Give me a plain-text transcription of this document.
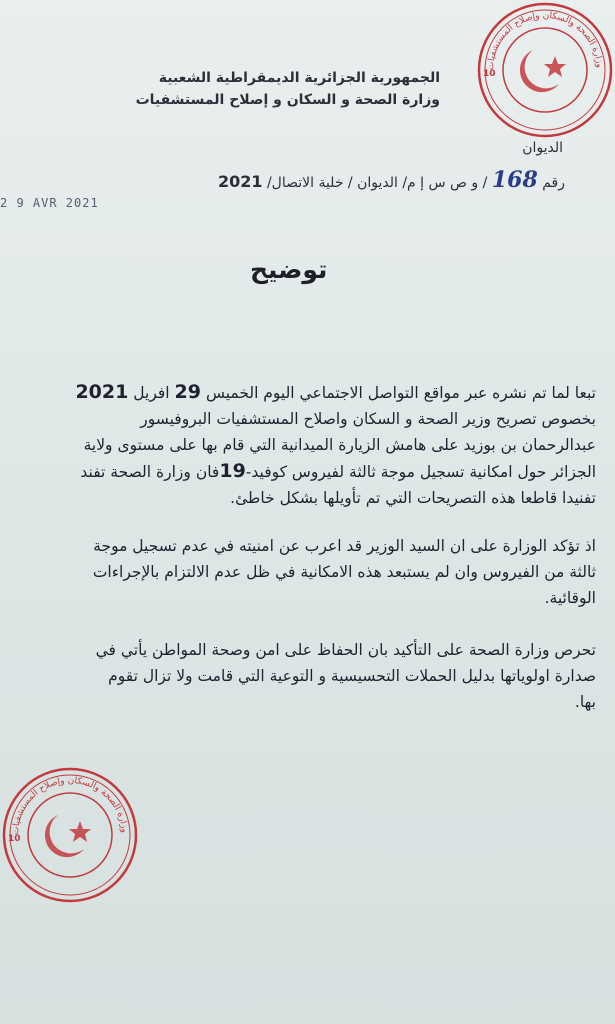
الجمهورية الجزائرية الديمقراطية الشعبية
وزارة الصحة و السكان و إصلاح المستشفيات
الديوان
رقم 168 / و ص س إ م/ الديوان / خلية الاتصال/ 2021
2 9 AVR 2021
توضيح
تبعا لما تم نشره عبر مواقع التواصل الاجتماعي اليوم الخميس 29 افريل 2021
بخصوص تصريح وزير الصحة و السكان واصلاح المستشفيات البروفيسور
عبدالرحمان بن بوزيد على هامش الزيارة الميدانية التي قام بها على مستوى ولاية
الجزائر حول امكانية تسجيل موجة ثالثة لفيروس كوفيد-19فان وزارة الصحة تفند
تفنيدا قاطعا هذه التصريحات التي تم تأويلها بشكل خاطئ.
اذ تؤكد الوزارة على ان السيد الوزير قد اعرب عن امنيته في عدم تسجيل موجة
ثالثة من الفيروس وان لم يستبعد هذه الامكانية في ظل عدم الالتزام بالإجراءات
الوقائية.
تحرص وزارة الصحة على التأكيد بان الحفاظ على امن وصحة المواطن يأتي في
صدارة اولوياتها بدليل الحملات التحسيسية و التوعية التي قامت ولا تزال تقوم
بها.
وزارة الصحة والسكان وإصلاح المستشفيات
10
وزارة الصحة والسكان وإصلاح المستشفيات
10
